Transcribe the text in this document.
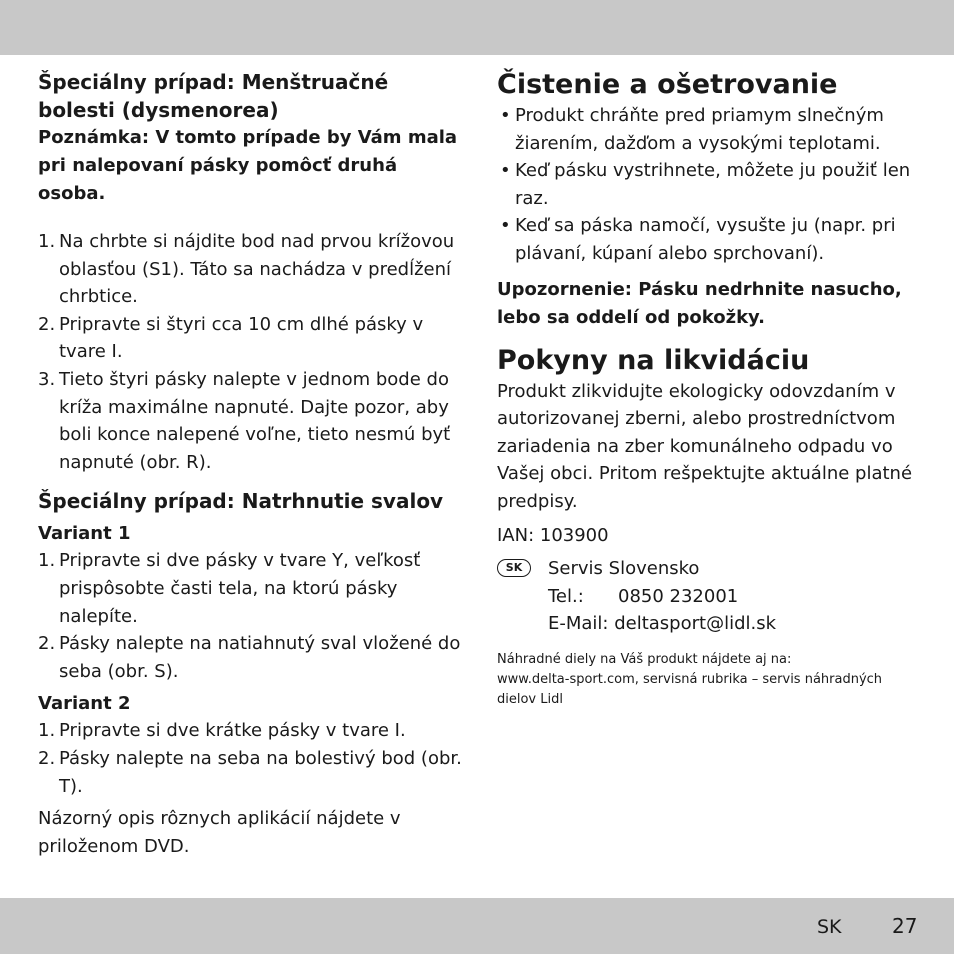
Špeciálny prípad: Menštruačné bolesti (dysmenorea)

Poznámka: V tomto prípade by Vám mala pri nalepovaní pásky pomôcť druhá osoba.

1. Na chrbte si nájdite bod nad prvou krížovou oblasťou (S1). Táto sa nachádza v predĺžení chrbtice.
2. Pripravte si štyri cca 10 cm dlhé pásky v tvare I.
3. Tieto štyri pásky nalepte v jednom bode do kríža maximálne napnuté. Dajte pozor, aby boli konce nalepené voľne, tieto nesmú byť napnuté (obr. R).
Špeciálny prípad: Natrhnutie svalov
Variant 1
1. Pripravte si dve pásky v tvare Y, veľkosť prispôsobte časti tela, na ktorú pásky nalepíte.
2. Pásky nalepte na natiahnutý sval vložené do seba (obr. S).
Variant 2
1. Pripravte si dve krátke pásky v tvare I.
2. Pásky nalepte na seba na bolestivý bod (obr. T).

Názorný opis rôznych aplikácií nájdete v priloženom DVD.

Čistenie a ošetrovanie
• Produkt chráňte pred priamym slnečným žiarením, dažďom a vysokými teplotami.
• Keď pásku vystrihnete, môžete ju použiť len raz.
• Keď sa páska namočí, vysušte ju (napr. pri plávaní, kúpaní alebo sprchovaní).

Upozornenie: Pásku nedrhnite nasucho, lebo sa oddelí od pokožky.

Pokyny na likvidáciu

Produkt zlikvidujte ekologicky odovzdaním v autorizovanej zberni, alebo prostredníctvom zariadenia na zber komunálneho odpadu vo Vašej obci. Pritom rešpektujte aktuálne platné predpisy.

IAN: 103900

SK	Servis Slovensko

Tel.:	0850 232001

E-Mail: deltasport@lidl.sk

Náhradné diely na Váš produkt nájdete aj na:

www.delta-sport.com, servisná rubrika – servis náhradných dielov Lidl

SK	27
